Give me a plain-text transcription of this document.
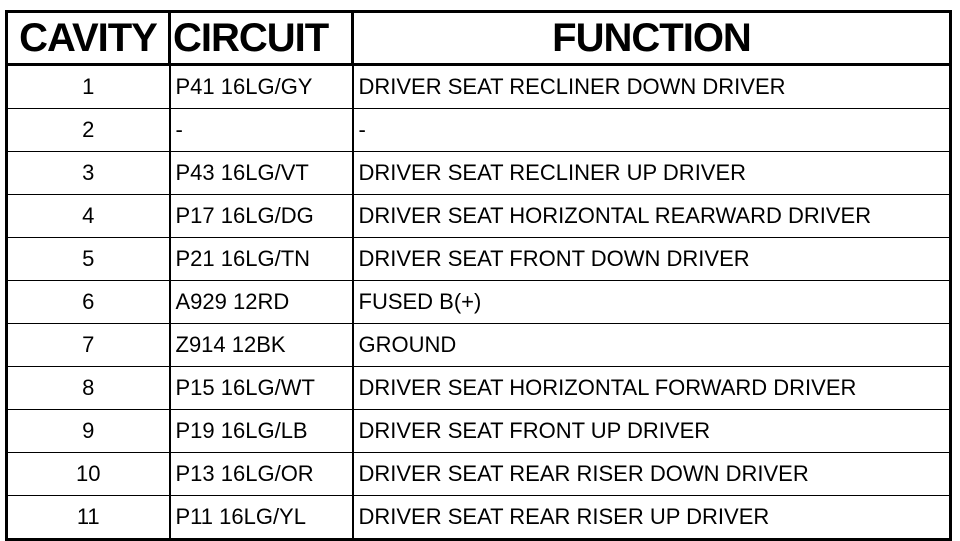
CAVITY	CIRCUIT	FUNCTION
1	P41 16LG/GY	DRIVER SEAT RECLINER DOWN DRIVER
2	-	-
3	P43 16LG/VT	DRIVER SEAT RECLINER UP DRIVER
4	P17 16LG/DG	DRIVER SEAT HORIZONTAL REARWARD DRIVER
5	P21 16LG/TN	DRIVER SEAT FRONT DOWN DRIVER
6	A929 12RD	FUSED B(+)
7	Z914 12BK	GROUND
8	P15 16LG/WT	DRIVER SEAT HORIZONTAL FORWARD DRIVER
9	P19 16LG/LB	DRIVER SEAT FRONT UP DRIVER
10	P13 16LG/OR	DRIVER SEAT REAR RISER DOWN DRIVER
11	P11 16LG/YL	DRIVER SEAT REAR RISER UP DRIVER
